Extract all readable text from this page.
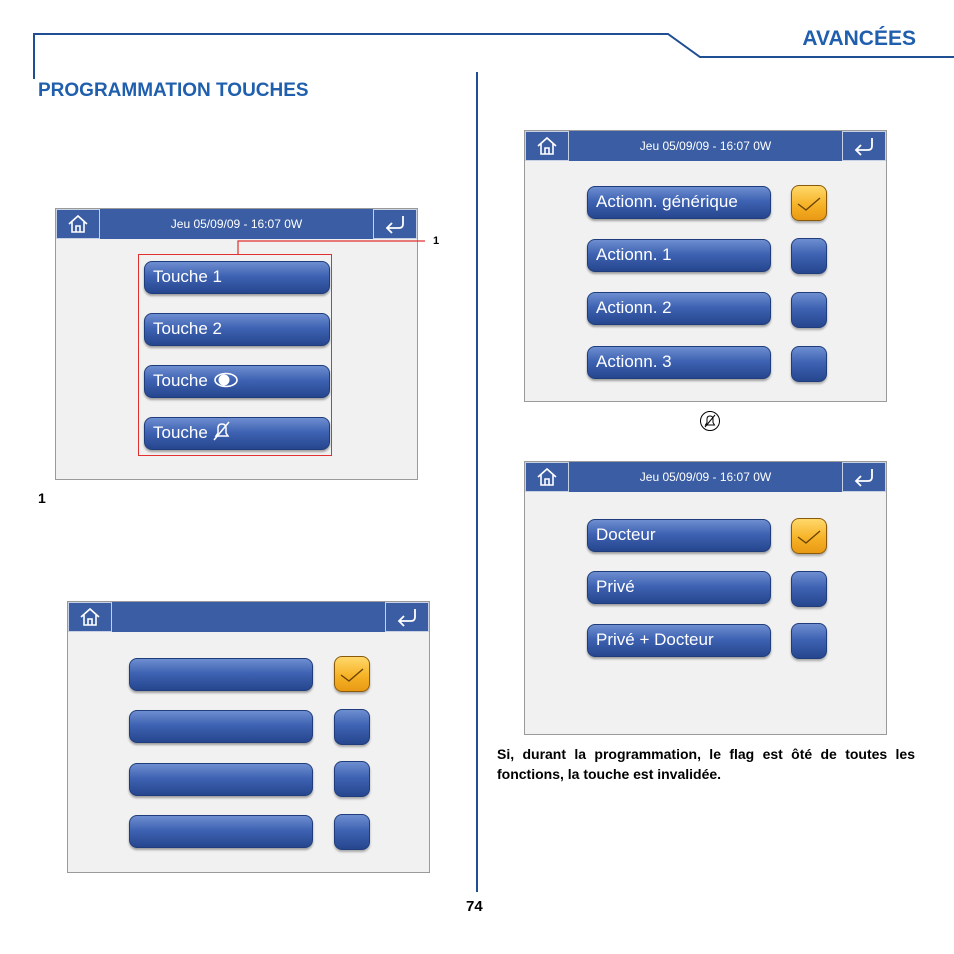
AVANCÉES
PROGRAMMATION TOUCHES
Jeu 05/09/09 - 16:07 0W
Touche 1
Touche 2
Touche
Touche
1
1
Jeu 05/09/09 - 16:07 0W
Actionn. générique
Actionn. 1
Actionn. 2
Actionn. 3
Jeu 05/09/09 - 16:07 0W
Docteur
Privé
Privé + Docteur
Si, durant la programmation, le flag est ôté de toutes les fonctions, la touche est invalidée.
74
